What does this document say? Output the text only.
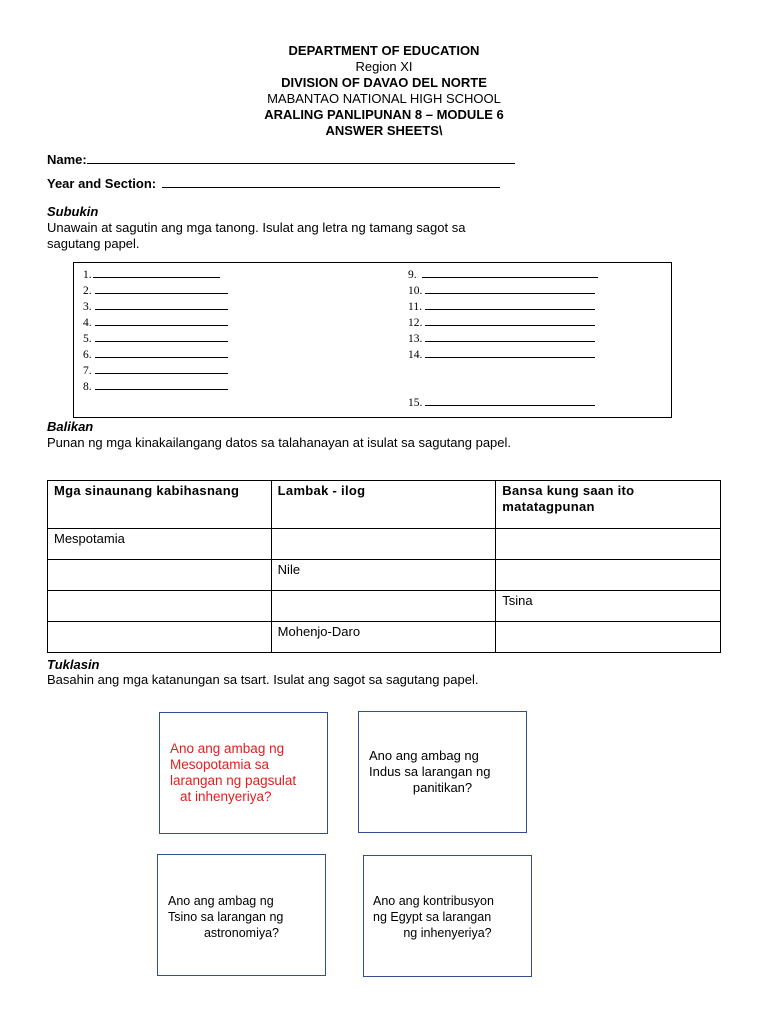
DEPARTMENT OF EDUCATION
Region XI
DIVISION OF DAVAO DEL NORTE
MABANTAO NATIONAL HIGH SCHOOL
ARALING PANLIPUNAN 8 – MODULE 6
ANSWER SHEETS\
Name:
Year and Section:
Subukin
Unawain at sagutin ang mga tanong. Isulat ang letra ng tamang sagot sa sagutang papel.
1.
2.
3.
4.
5.
6.
7.
8.
9.
10.
11.
12.
13.
14.
15.
Balikan
Punan ng mga kinakailangang datos sa talahanayan at isulat sa sagutang papel.
Mga sinaunang kabihasnang	Lambak - ilog	Bansa kung saan ito matatagpunan
Mespotamia		
	Nile	
		Tsina
	Mohenjo-Daro	
Tuklasin
Basahin ang mga katanungan sa tsart. Isulat ang sagot sa sagutang papel.
Ano ang ambag ng
Mesopotamia sa
larangan ng pagsulat
at inhenyeriya?
Ano ang ambag ng
Indus sa larangan ng
panitikan?
Ano ang ambag ng
Tsino sa larangan ng
astronomiya?
Ano ang kontribusyon
ng Egypt sa larangan
ng inhenyeriya?
